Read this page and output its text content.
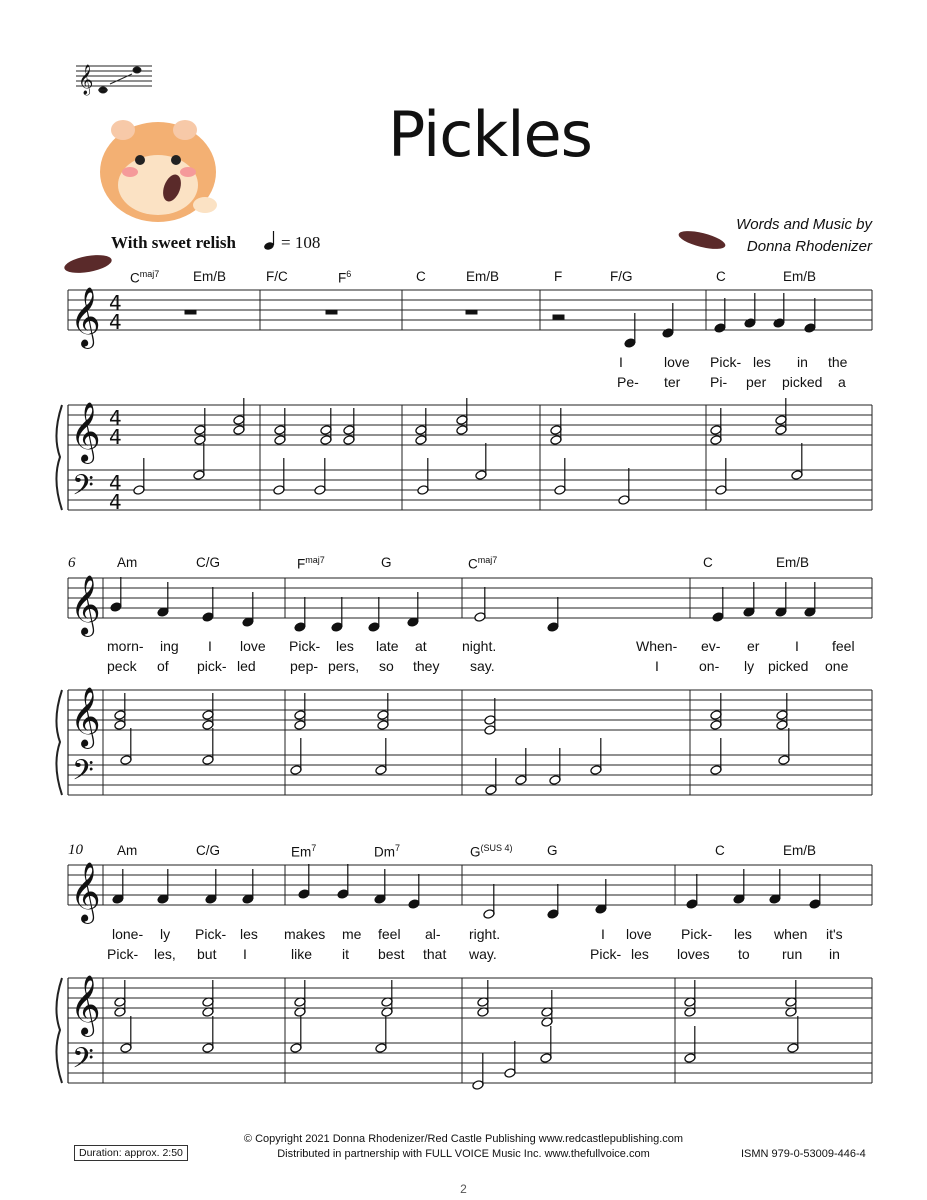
𝄞
𝄞
𝄞
𝄢
4
4
4
4
4
4
𝄞
𝄞
𝄢
𝄞
𝄞
𝄢
Pickles
With sweet relish	= 108
Words and Music by
Donna Rhodenizer
$C^{maj7}$ Em/B	F/C	$F^6$	C	Em/B	F	F/G	C	Em/B
I	love Pick- les in the
Pe- ter Pi- per picked a
6	Am	C/G	$F^{maj7}$	G	$C^{maj7}$	C	Em/B
morn- ing I love Pick- les late at	night.	When- ev- er	I feel
peck of pick- led pep- pers, so they say.	I	on- ly picked one
10	Am	C/G	Em$^7$	Dm$^7$	$G^{(SUS 4)}$	G	C	Em/B
lone- ly Pick- les makes me feel al- right.	I love Pick- les when it's
Pick- les, but I	like it best that way.	Pick- les loves to run in
© Copyright 2021 Donna Rhodenizer/Red Castle Publishing www.redcastlepublishing.com
Distributed in partnership with FULL VOICE Music Inc. www.thefullvoice.com
Duration: approx. 2:50	ISMN 979-0-53009-446-4
2
